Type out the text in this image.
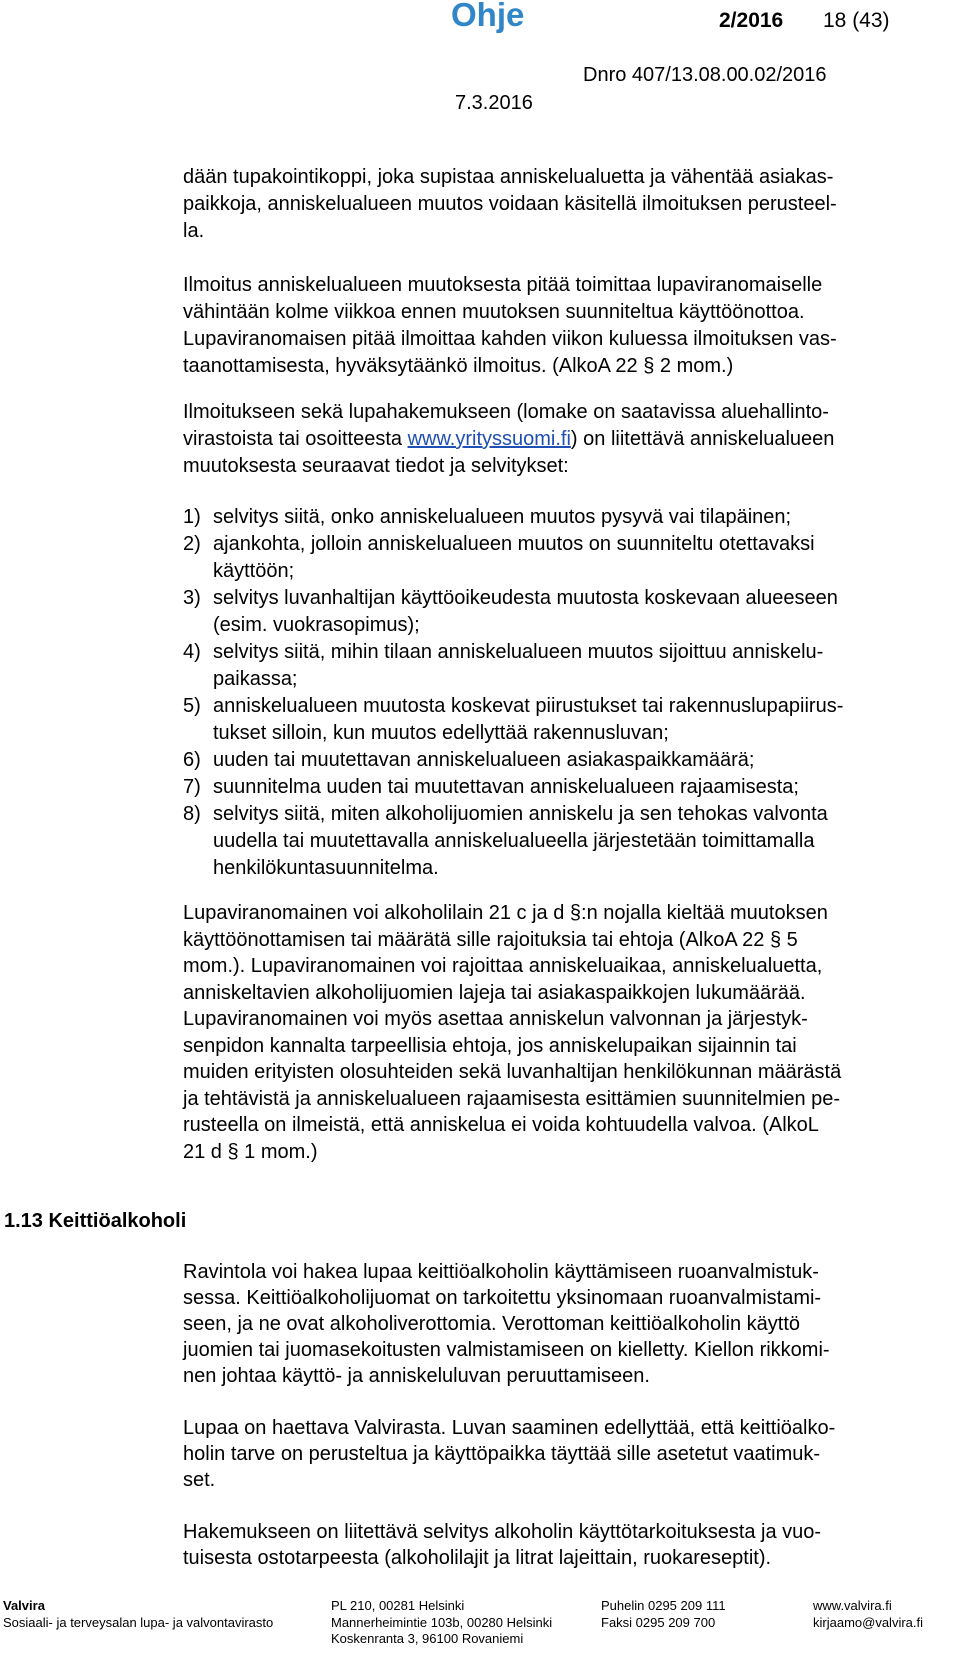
Ohje	2/2016 18 (43)
Dnro 407/13.08.00.02/2016
7.3.2016

dään tupakointikoppi, joka supistaa anniskelualuetta ja vähentää asiakas-
paikkoja, anniskelualueen muutos voidaan käsitellä ilmoituksen perusteel-
la.

Ilmoitus anniskelualueen muutoksesta pitää toimittaa lupaviranomaiselle
vähintään kolme viikkoa ennen muutoksen suunniteltua käyttöönottoa.
Lupaviranomaisen pitää ilmoittaa kahden viikon kuluessa ilmoituksen vas-
taanottamisesta, hyväksytäänkö ilmoitus. (AlkoA 22 § 2 mom.)

Ilmoitukseen sekä lupahakemukseen (lomake on saatavissa aluehallinto-
virastoista tai osoitteesta www.yrityssuomi.fi) on liitettävä anniskelualueen
muutoksesta seuraavat tiedot ja selvitykset:

1) selvitys siitä, onko anniskelualueen muutos pysyvä vai tilapäinen;
2) ajankohta, jolloin anniskelualueen muutos on suunniteltu otettavaksi
käyttöön;
3) selvitys luvanhaltijan käyttöoikeudesta muutosta koskevaan alueeseen
(esim. vuokrasopimus);
4) selvitys siitä, mihin tilaan anniskelualueen muutos sijoittuu anniskelu-
paikassa;
5) anniskelualueen muutosta koskevat piirustukset tai rakennuslupapiirus-
tukset silloin, kun muutos edellyttää rakennusluvan;
6) uuden tai muutettavan anniskelualueen asiakaspaikkamäärä;
7) suunnitelma uuden tai muutettavan anniskelualueen rajaamisesta;
8) selvitys siitä, miten alkoholijuomien anniskelu ja sen tehokas valvonta
uudella tai muutettavalla anniskelualueella järjestetään toimittamalla
henkilökuntasuunnitelma.

Lupaviranomainen voi alkoholilain 21 c ja d §:n nojalla kieltää muutoksen
käyttöönottamisen tai määrätä sille rajoituksia tai ehtoja (AlkoA 22 § 5
mom.). Lupaviranomainen voi rajoittaa anniskeluaikaa, anniskelualuetta,
anniskeltavien alkoholijuomien lajeja tai asiakaspaikkojen lukumäärää.
Lupaviranomainen voi myös asettaa anniskelun valvonnan ja järjestyk-
senpidon kannalta tarpeellisia ehtoja, jos anniskelupaikan sijainnin tai
muiden erityisten olosuhteiden sekä luvanhaltijan henkilökunnan määrästä
ja tehtävistä ja anniskelualueen rajaamisesta esittämien suunnitelmien pe-
rusteella on ilmeistä, että anniskelua ei voida kohtuudella valvoa. (AlkoL
21 d § 1 mom.)

1.13 Keittiöalkoholi

Ravintola voi hakea lupaa keittiöalkoholin käyttämiseen ruoanvalmistuk-
sessa. Keittiöalkoholijuomat on tarkoitettu yksinomaan ruoanvalmistami-
seen, ja ne ovat alkoholiverottomia. Verottoman keittiöalkoholin käyttö
juomien tai juomasekoitusten valmistamiseen on kielletty. Kiellon rikkomi-
nen johtaa käyttö- ja anniskeluluvan peruuttamiseen.

Lupaa on haettava Valvirasta. Luvan saaminen edellyttää, että keittiöalko-
holin tarve on perusteltua ja käyttöpaikka täyttää sille asetetut vaatimuk-
set.

Hakemukseen on liitettävä selvitys alkoholin käyttötarkoituksesta ja vuo-
tuisesta ostotarpeesta (alkoholilajit ja litrat lajeittain, ruokareseptit).

Valvira
Sosiaali- ja terveysalan lupa- ja valvontavirasto
PL 210, 00281 Helsinki
Mannerheimintie 103b, 00280 Helsinki
Koskenranta 3, 96100 Rovaniemi
Puhelin 0295 209 111
Faksi 0295 209 700
www.valvira.fi
kirjaamo@valvira.fi
